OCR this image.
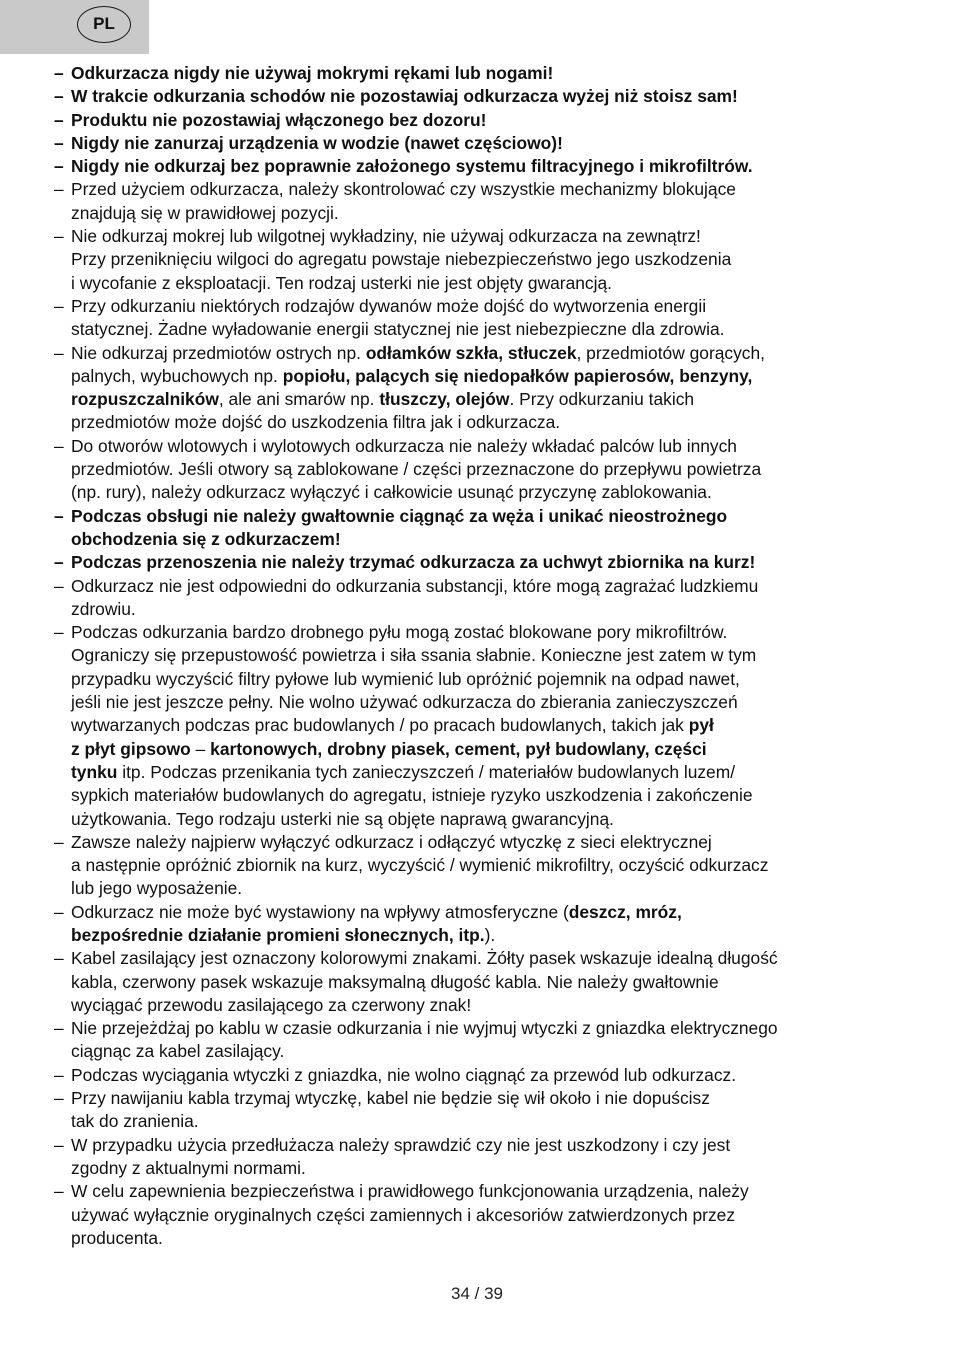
PL
– Odkurzacza nigdy nie używaj mokrymi rękami lub nogami!
– W trakcie odkurzania schodów nie pozostawiaj odkurzacza wyżej niż stoisz sam!
– Produktu nie pozostawiaj włączonego bez dozoru!
– Nigdy nie zanurzaj urządzenia w wodzie (nawet częściowo)!
– Nigdy nie odkurzaj bez poprawnie założonego systemu filtracyjnego i mikrofiltrów.
– Przed użyciem odkurzacza, należy skontrolować czy wszystkie mechanizmy blokujące
znajdują się w prawidłowej pozycji.
– Nie odkurzaj mokrej lub wilgotnej wykładziny, nie używaj odkurzacza na zewnątrz!
Przy przeniknięciu wilgoci do agregatu powstaje niebezpieczeństwo jego uszkodzenia
i wycofanie z eksploatacji. Ten rodzaj usterki nie jest objęty gwarancją.
– Przy odkurzaniu niektórych rodzajów dywanów może dojść do wytworzenia energii
statycznej. Żadne wyładowanie energii statycznej nie jest niebezpieczne dla zdrowia.
– Nie odkurzaj przedmiotów ostrych np. odłamków szkła, stłuczek, przedmiotów gorących,
palnych, wybuchowych np. popiołu, palących się niedopałków papierosów, benzyny,
rozpuszczalników, ale ani smarów np. tłuszczy, olejów. Przy odkurzaniu takich
przedmiotów może dojść do uszkodzenia filtra jak i odkurzacza.
– Do otworów wlotowych i wylotowych odkurzacza nie należy wkładać palców lub innych
przedmiotów. Jeśli otwory są zablokowane / części przeznaczone do przepływu powietrza
(np. rury), należy odkurzacz wyłączyć i całkowicie usunąć przyczynę zablokowania.
– Podczas obsługi nie należy gwałtownie ciągnąć za węża i unikać nieostrożnego
obchodzenia się z odkurzaczem!
– Podczas przenoszenia nie należy trzymać odkurzacza za uchwyt zbiornika na kurz!
– Odkurzacz nie jest odpowiedni do odkurzania substancji, które mogą zagrażać ludzkiemu
zdrowiu.
– Podczas odkurzania bardzo drobnego pyłu mogą zostać blokowane pory mikrofiltrów.
Ograniczy się przepustowość powietrza i siła ssania słabnie. Konieczne jest zatem w tym
przypadku wyczyścić filtry pyłowe lub wymienić lub opróżnić pojemnik na odpad nawet,
jeśli nie jest jeszcze pełny. Nie wolno używać odkurzacza do zbierania zanieczyszczeń
wytwarzanych podczas prac budowlanych / po pracach budowlanych, takich jak pył
z płyt gipsowo – kartonowych, drobny piasek, cement, pył budowlany, części
tynku itp. Podczas przenikania tych zanieczyszczeń / materiałów budowlanych luzem/
sypkich materiałów budowlanych do agregatu, istnieje ryzyko uszkodzenia i zakończenie
użytkowania. Tego rodzaju usterki nie są objęte naprawą gwarancyjną.
– Zawsze należy najpierw wyłączyć odkurzacz i odłączyć wtyczkę z sieci elektrycznej
a następnie opróżnić zbiornik na kurz, wyczyścić / wymienić mikrofiltry, oczyścić odkurzacz
lub jego wyposażenie.
– Odkurzacz nie może być wystawiony na wpływy atmosferyczne (deszcz, mróz,
bezpośrednie działanie promieni słonecznych, itp.).
– Kabel zasilający jest oznaczony kolorowymi znakami. Żółty pasek wskazuje idealną długość
kabla, czerwony pasek wskazuje maksymalną długość kabla. Nie należy gwałtownie
wyciągać przewodu zasilającego za czerwony znak!
– Nie przejeżdżaj po kablu w czasie odkurzania i nie wyjmuj wtyczki z gniazdka elektrycznego
ciągnąc za kabel zasilający.
– Podczas wyciągania wtyczki z gniazdka, nie wolno ciągnąć za przewód lub odkurzacz.
– Przy nawijaniu kabla trzymaj wtyczkę, kabel nie będzie się wił około i nie dopuścisz
tak do zranienia.
– W przypadku użycia przedłużacza należy sprawdzić czy nie jest uszkodzony i czy jest
zgodny z aktualnymi normami.
– W celu zapewnienia bezpieczeństwa i prawidłowego funkcjonowania urządzenia, należy
używać wyłącznie oryginalnych części zamiennych i akcesoriów zatwierdzonych przez
producenta.
34 / 39
